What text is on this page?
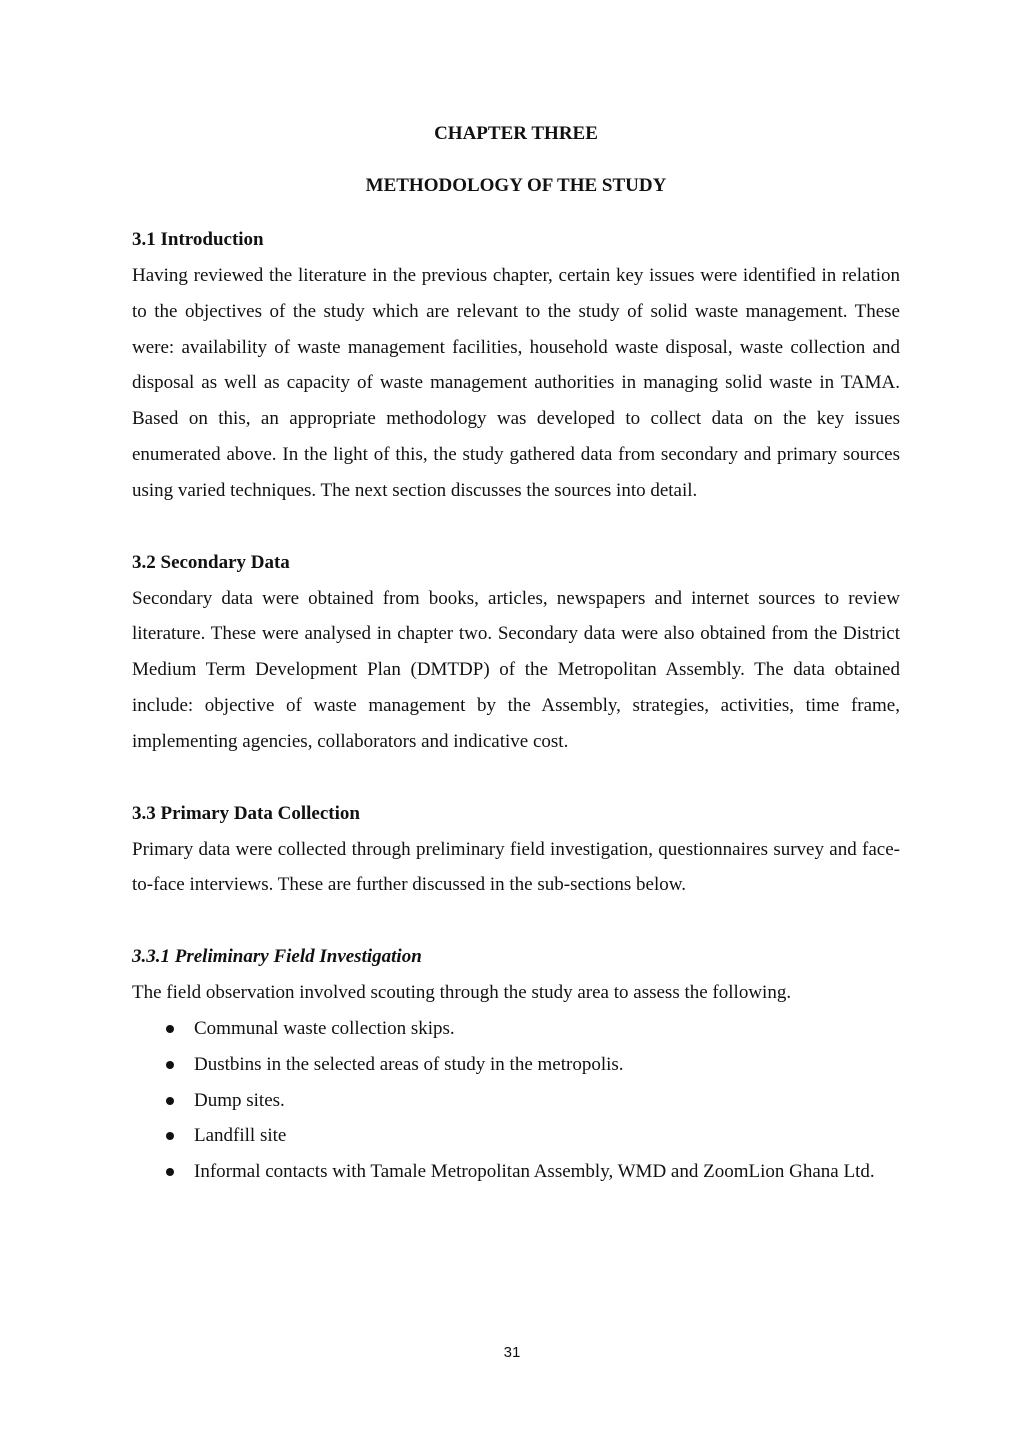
CHAPTER THREE

METHODOLOGY OF THE STUDY

3.1 Introduction

Having reviewed the literature in the previous chapter, certain key issues were identified in relation to the objectives of the study which are relevant to the study of solid waste management. These were: availability of waste management facilities, household waste disposal, waste collection and disposal as well as capacity of waste management authorities in managing solid waste in TAMA. Based on this, an appropriate methodology was developed to collect data on the key issues enumerated above. In the light of this, the study gathered data from secondary and primary sources using varied techniques. The next section discusses the sources into detail.

3.2 Secondary Data

Secondary data were obtained from books, articles, newspapers and internet sources to review literature. These were analysed in chapter two. Secondary data were also obtained from the District Medium Term Development Plan (DMTDP) of the Metropolitan Assembly. The data obtained include: objective of waste management by the Assembly, strategies, activities, time frame, implementing agencies, collaborators and indicative cost.

3.3 Primary Data Collection

Primary data were collected through preliminary field investigation, questionnaires survey and face- to-face interviews. These are further discussed in the sub-sections below.

3.3.1 Preliminary Field Investigation

The field observation involved scouting through the study area to assess the following.

Communal waste collection skips.
Dustbins in the selected areas of study in the metropolis.
Dump sites.
Landfill site
Informal contacts with Tamale Metropolitan Assembly, WMD and ZoomLion Ghana Ltd.
31
